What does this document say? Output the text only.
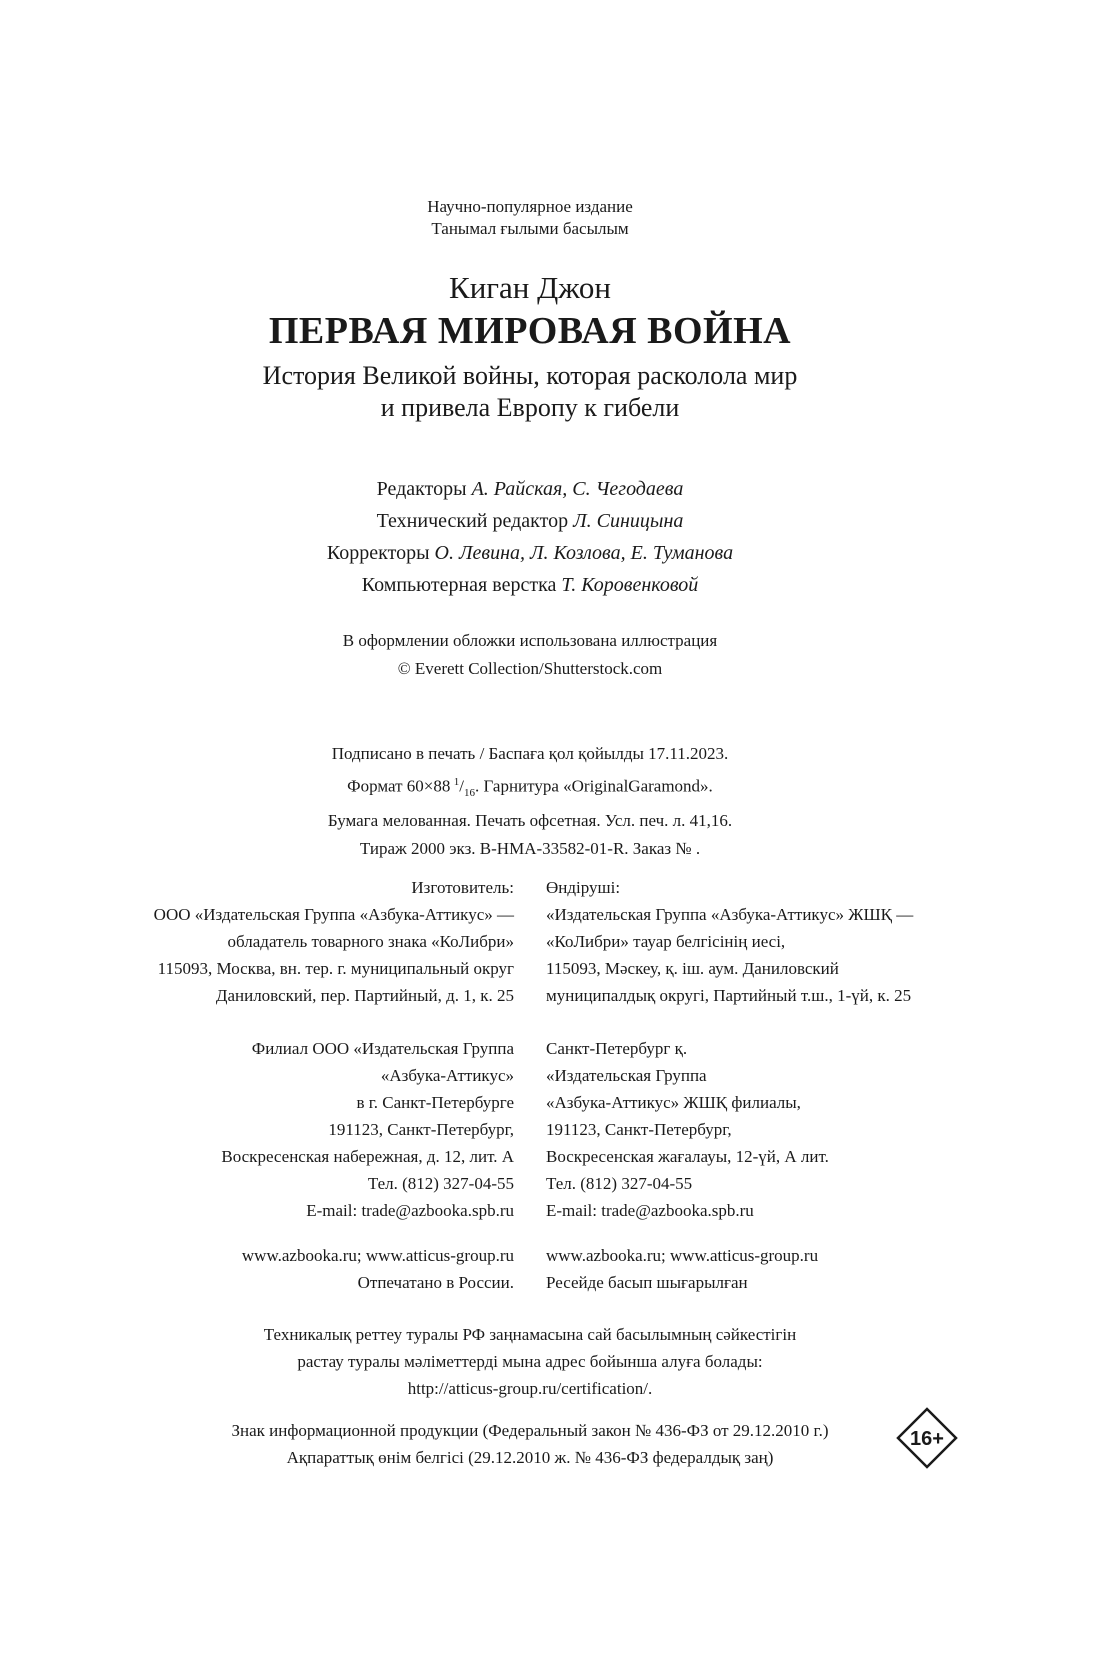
Научно-популярное издание
Танымал ғылыми басылым
Киган Джон
ПЕРВАЯ МИРОВАЯ ВОЙНА
История Великой войны, которая расколола мир
и привела Европу к гибели
Редакторы А. Райская, С. Чегодаева
Технический редактор Л. Синицына
Корректоры О. Левина, Л. Козлова, Е. Туманова
Компьютерная верстка Т. Коровенковой
В оформлении обложки использована иллюстрация
© Everett Collection/Shutterstock.com
Подписано в печать / Баспаға қол қойылды 17.11.2023.
Формат 60×88  $^1/_{16}$. Гарнитура «OriginalGaramond».
Бумага мелованная. Печать офсетная. Усл. печ. л. 41,16.
Тираж 2000 экз. В-НМА-33582-01-R. Заказ № .
Изготовитель:
ООО «Издательская Группа «Азбука-Аттикус» —
обладатель товарного знака «КоЛибри»
115093, Москва, вн. тер. г. муниципальный округ
Даниловский, пер. Партийный, д. 1, к. 25
Өндіруші:
«Издательская Группа «Азбука-Аттикус» ЖШҚ —
«КоЛибри» тауар белгісінің иесі,
115093, Мәскеу, қ. іш. аум. Даниловский
муниципалдық округі, Партийный т.ш., 1-үй, к. 25
Филиал ООО «Издательская Группа
«Азбука-Аттикус»
в г. Санкт-Петербурге
191123, Санкт-Петербург,
Воскресенская набережная, д. 12, лит. А
Тел. (812) 327-04-55
E-mail: trade@azbooka.spb.ru
Санкт-Петербург қ.
«Издательская Группа
«Азбука-Аттикус» ЖШҚ филиалы,
191123, Санкт-Петербург,
Воскресенская жағалауы, 12-үй, А лит.
Тел. (812) 327-04-55
E-mail: trade@azbooka.spb.ru
www.azbooka.ru; www.atticus-group.ru
Отпечатано в России.
www.azbooka.ru; www.atticus-group.ru
Ресейде басып шығарылған
Техникалық реттеу туралы РФ заңнамасына сай басылымның сәйкестігін
растау туралы мәліметтерді мына адрес бойынша алуға болады:
http://atticus-group.ru/certification/.
Знак информационной продукции (Федеральный закон № 436-ФЗ от 29.12.2010 г.)
Ақпараттық өнім белгісі (29.12.2010 ж. № 436-ФЗ федералдық заң)
16+
